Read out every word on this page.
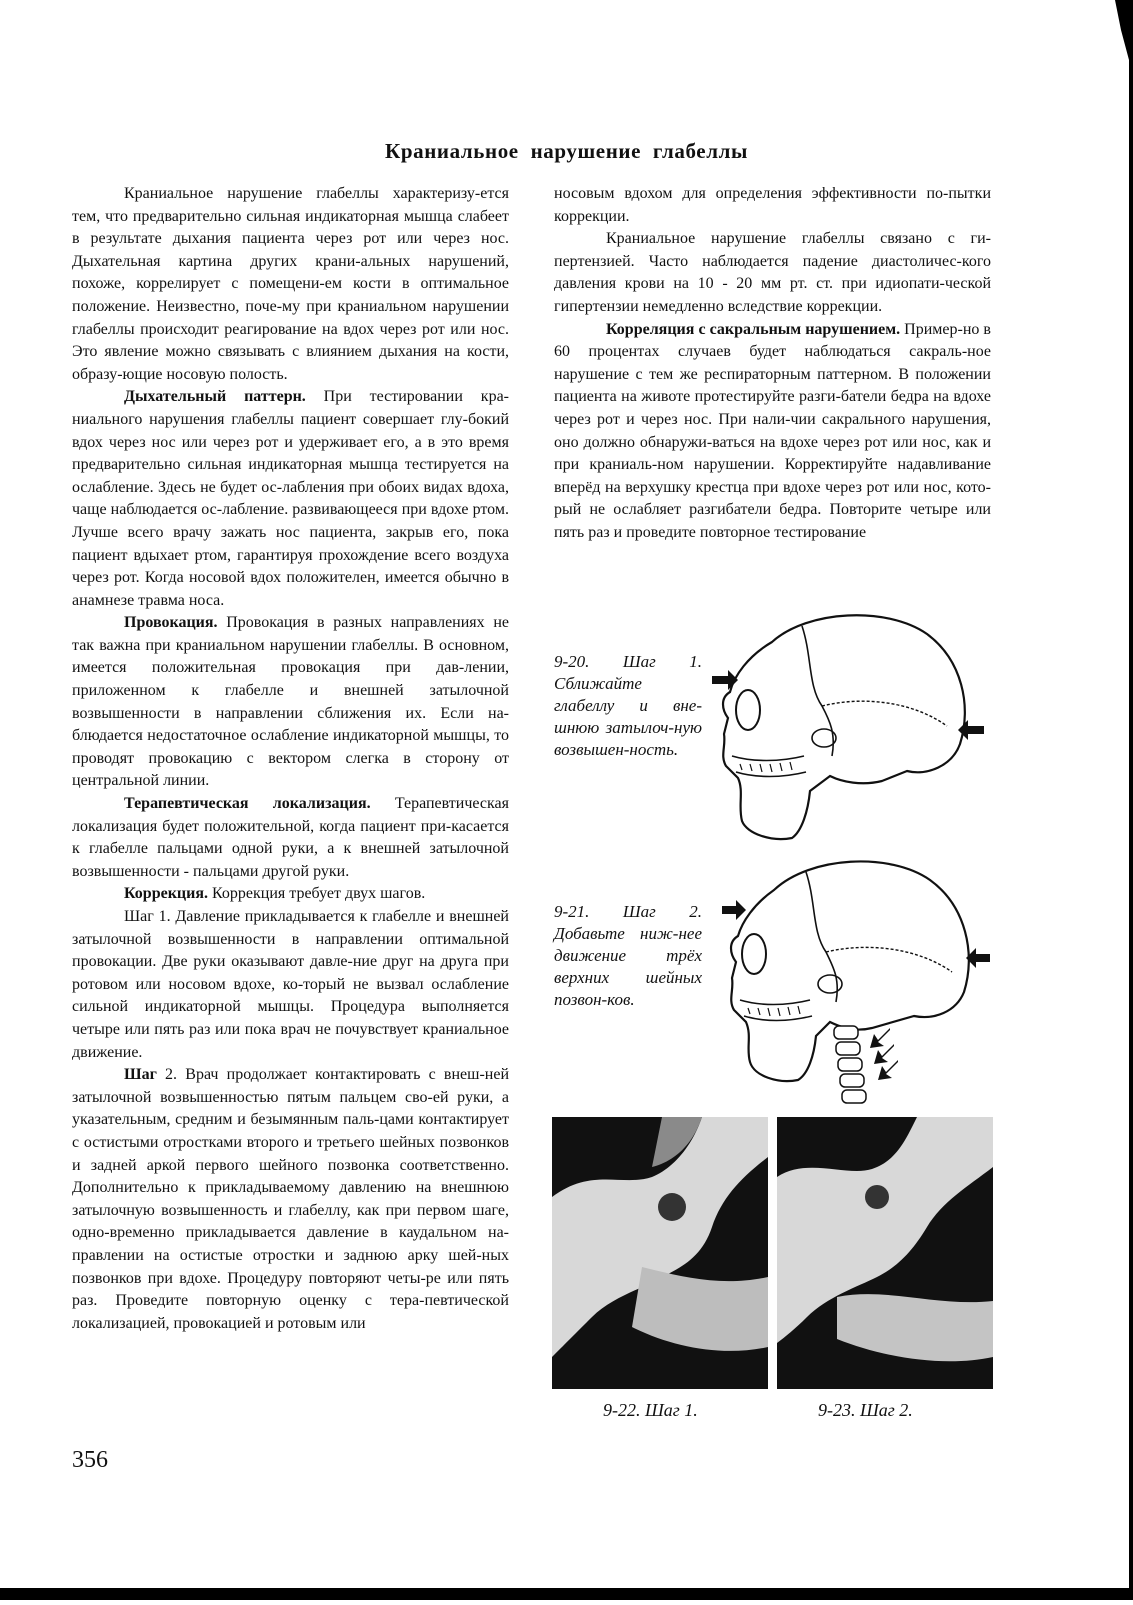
Краниальное нарушение глабеллы

Краниальное нарушение глабеллы характеризу-ется тем, что предварительно сильная индикаторная мышца слабеет в результате дыхания пациента через рот или через нос. Дыхательная картина других крани-альных нарушений, похоже, коррелирует с помещени-ем кости в оптимальное положение. Неизвестно, поче-му при краниальном нарушении глабеллы происходит реагирование на вдох через рот или нос. Это явление можно связывать с влиянием дыхания на кости, образу-ющие носовую полость.

Дыхательный паттерн. При тестировании кра-ниального нарушения глабеллы пациент совершает глу-бокий вдох через нос или через рот и удерживает его, а в это время предварительно сильная индикаторная мышца тестируется на ослабление. Здесь не будет ос-лабления при обоих видах вдоха, чаще наблюдается ос-лабление. развивающееся при вдохе ртом. Лучше всего врачу зажать нос пациента, закрыв его, пока пациент вдыхает ртом, гарантируя прохождение всего воздуха через рот. Когда носовой вдох положителен, имеется обычно в анамнезе травма носа.

Провокация. Провокация в разных направлениях не так важна при краниальном нарушении глабеллы. В основном, имеется положительная провокация при дав-лении, приложенном к глабелле и внешней затылочной возвышенности в направлении сближения их. Если на-блюдается недостаточное ослабление индикаторной мышцы, то проводят провокацию с вектором слегка в сторону от центральной линии.

Терапевтическая локализация. Терапевтическая локализация будет положительной, когда пациент при-касается к глабелле пальцами одной руки, а к внешней затылочной возвышенности - пальцами другой руки.

Коррекция. Коррекция требует двух шагов.

Шаг 1. Давление прикладывается к глабелле и внешней затылочной возвышенности в направлении оптимальной провокации. Две руки оказывают давле-ние друг на друга при ротовом или носовом вдохе, ко-торый не вызвал ослабление сильной индикаторной мышцы. Процедура выполняется четыре или пять раз или пока врач не почувствует краниальное движение.

Шаг 2. Врач продолжает контактировать с внеш-ней затылочной возвышенностью пятым пальцем сво-ей руки, а указательным, средним и безымянным паль-цами контактирует с остистыми отростками второго и третьего шейных позвонков и задней аркой первого шейного позвонка соответственно. Дополнительно к прикладываемому давлению на внешнюю затылочную возвышенность и глабеллу, как при первом шаге, одно-временно прикладывается давление в каудальном на-правлении на остистые отростки и заднюю арку шей-ных позвонков при вдохе. Процедуру повторяют четы-ре или пять раз. Проведите повторную оценку с тера-певтической локализацией, провокацией и ротовым или

носовым вдохом для определения эффективности по-пытки коррекции.

Краниальное нарушение глабеллы связано с ги-пертензией. Часто наблюдается падение диастоличес-кого давления крови на 10 - 20 мм рт. ст. при идиопати-ческой гипертензии немедленно вследствие коррекции.

Корреляция с сакральным нарушением. Пример-но в 60 процентах случаев будет наблюдаться сакраль-ное нарушение с тем же респираторным паттерном. В положении пациента на животе протестируйте разги-батели бедра на вдохе через рот и через нос. При нали-чии сакрального нарушения, оно должно обнаружи-ваться на вдохе через рот или нос, как и при краниаль-ном нарушении. Корректируйте надавливание вперёд на верхушку крестца при вдохе через рот или нос, кото-рый не ослабляет разгибатели бедра. Повторите четыре или пять раз и проведите повторное тестирование

9-20. Шаг 1. Сближайте глабеллу и вне-шнюю затылоч-ную возвышен-ность.
9-21. Шаг 2. Добавьте ниж-нее движение трёх верхних шейных позвон-ков.
9-22. Шаг 1.	9-23. Шаг 2.
356
